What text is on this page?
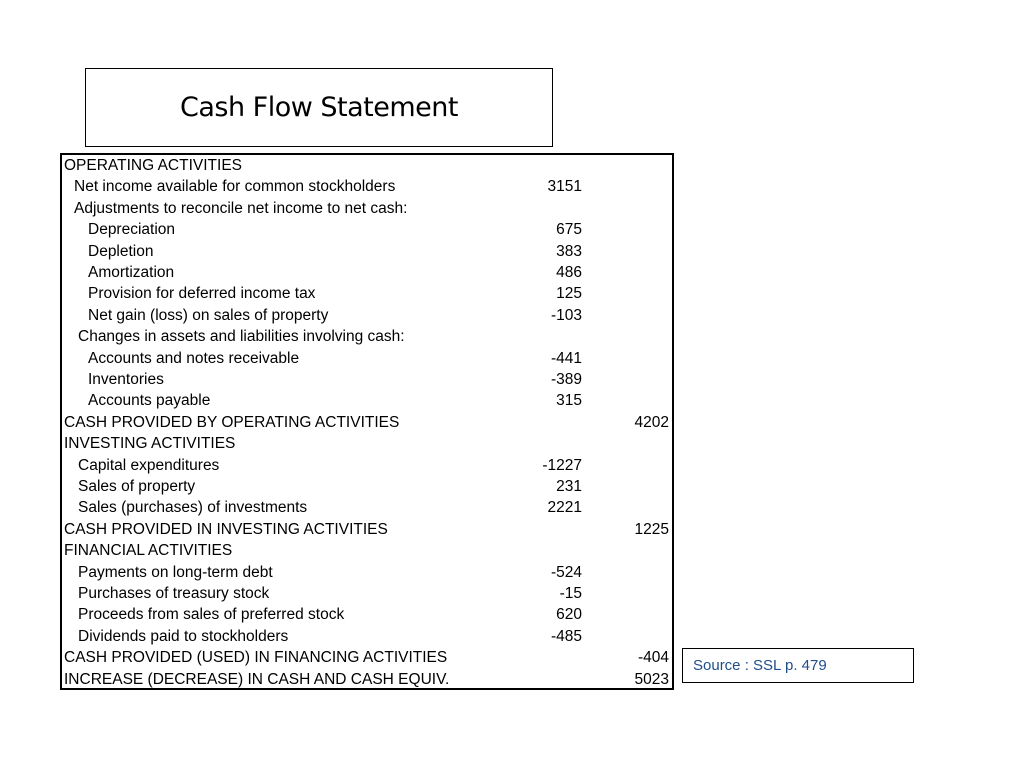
Cash Flow Statement
OPERATING ACTIVITIES
Net income available for common stockholders	3151
Adjustments to reconcile net income to net cash:
Depreciation	675
Depletion	383
Amortization	486
Provision for deferred income tax	125
Net gain (loss) on sales of property	-103
Changes in assets and liabilities involving cash:
Accounts and notes receivable	-441
Inventories	-389
Accounts payable	315
CASH PROVIDED BY OPERATING ACTIVITIES	4202
INVESTING ACTIVITIES
Capital expenditures	-1227
Sales of property	231
Sales (purchases) of investments	2221
CASH PROVIDED IN INVESTING ACTIVITIES	1225
FINANCIAL ACTIVITIES
Payments on long-term debt	-524
Purchases of treasury stock	-15
Proceeds from sales of preferred stock	620
Dividends paid to stockholders	-485
CASH PROVIDED (USED) IN FINANCING ACTIVITIES	-404
INCREASE (DECREASE) IN CASH AND CASH EQUIV.	5023
Source : SSL p. 479
